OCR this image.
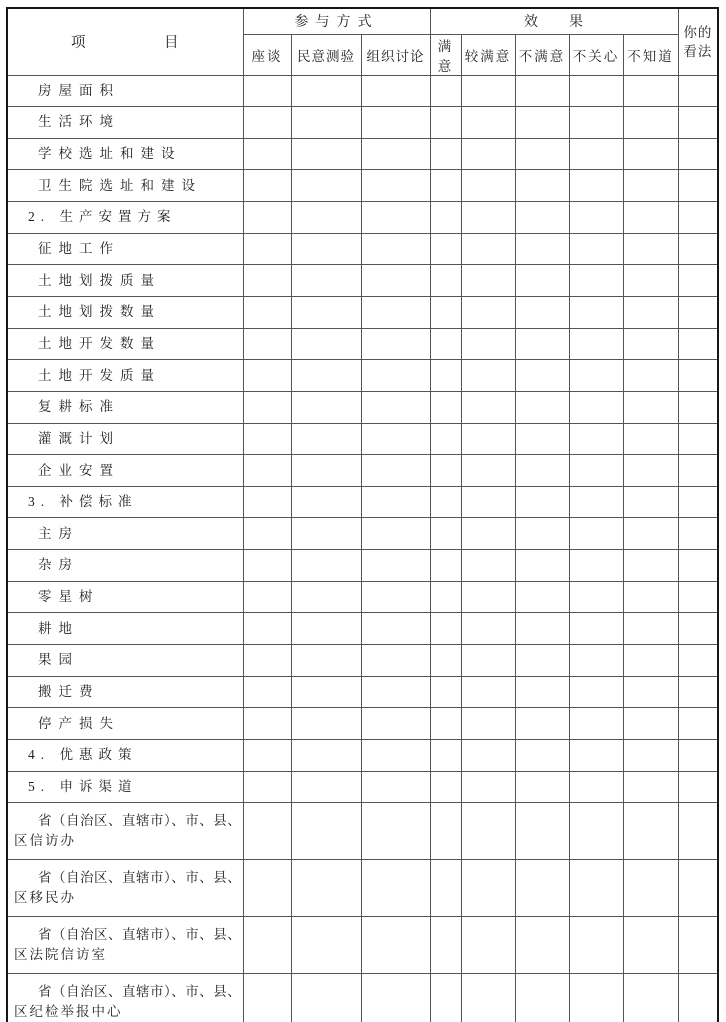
项　　　　　目	参与方式			效　　果					你的
看法

	座谈	民意测验	组织讨论	满意	较满意	不满意	不关心	不知道	

房屋面积									

生活环境									

学校选址和建设									

卫生院选址和建设									

2. 生产安置方案									

征地工作									

土地划拨质量									

土地划拨数量									

土地开发数量									

土地开发质量									

复耕标准									

灌溉计划									

企业安置									

3. 补偿标准									

主房									

杂房									

零星树									

耕地									

果园									

搬迁费									

停产损失									

4. 优惠政策									

5. 申诉渠道									

省（自治区、直辖市）、市、县、
区信访办									

省（自治区、直辖市）、市、县、
区移民办									

省（自治区、直辖市）、市、县、
区法院信访室									

省（自治区、直辖市）、市、县、
区纪检举报中心									
